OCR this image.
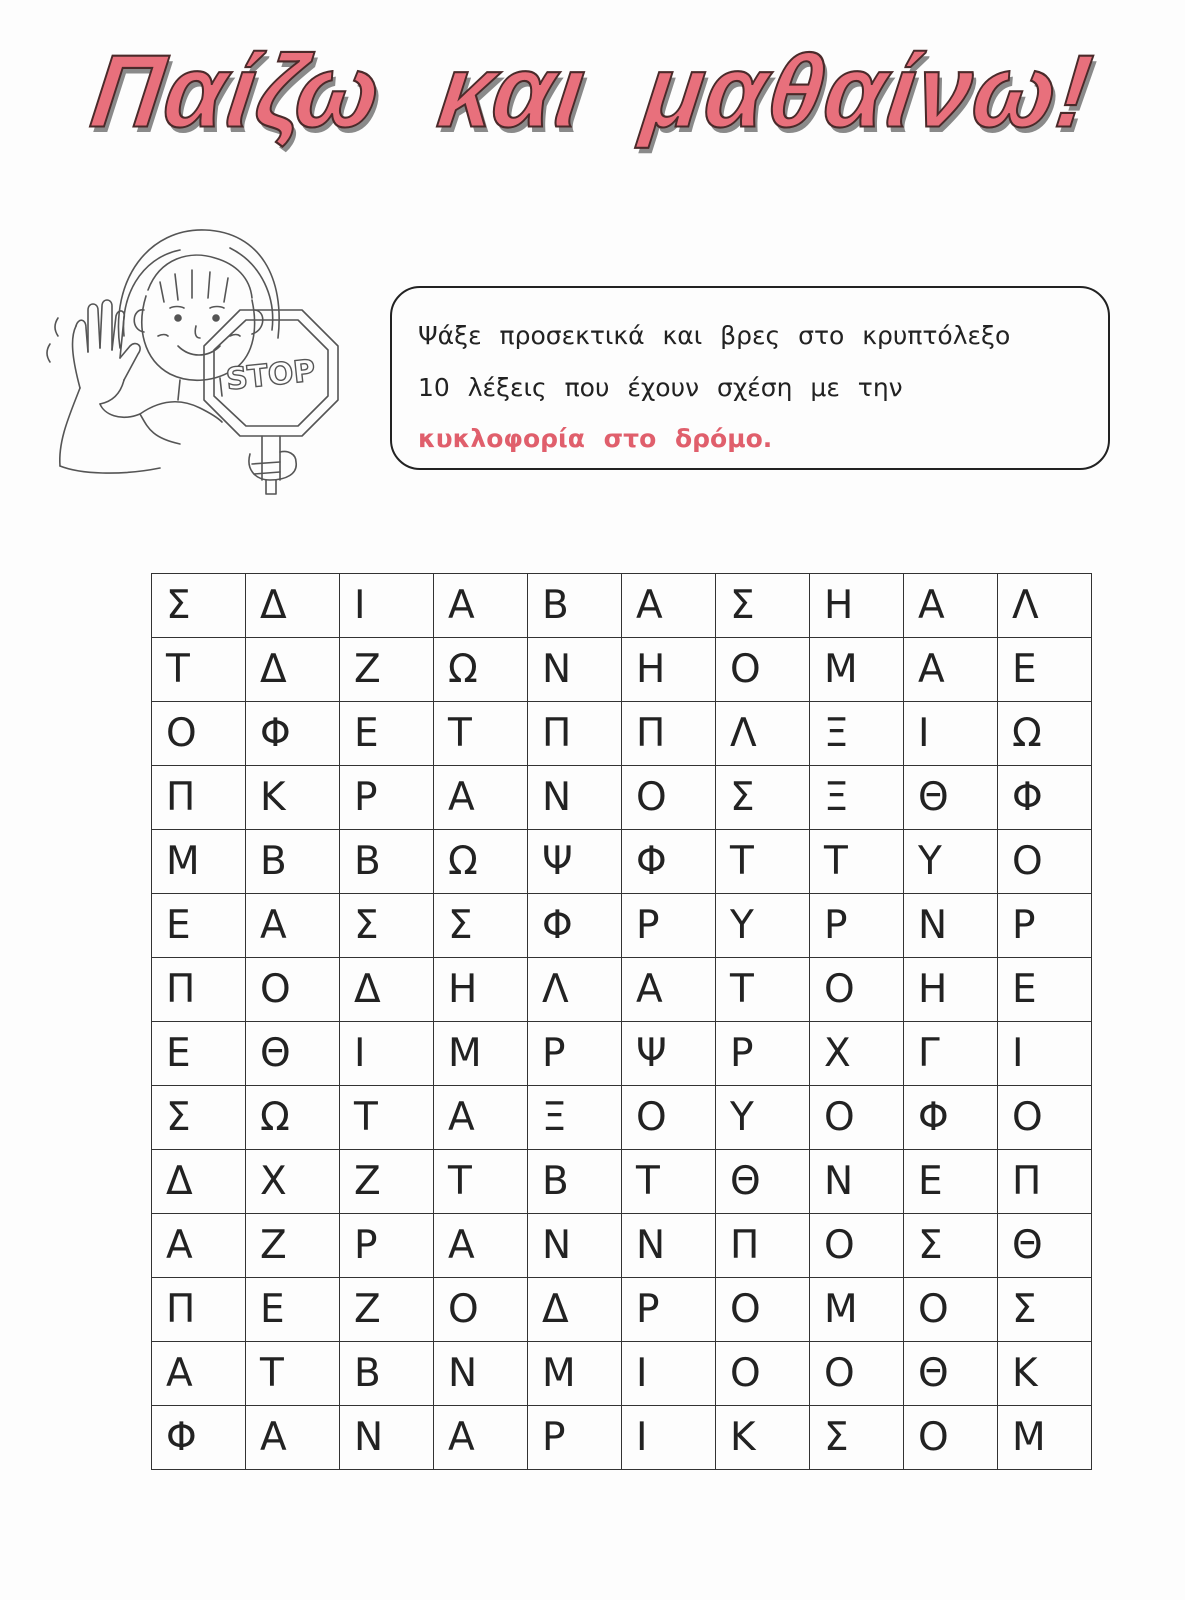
Παίζω και μαθαίνω!
STOP
Ψάξε προσεκτικά και βρες στο κρυπτόλεξο
10 λέξεις που έχουν σχέση με την
κυκλοφορία στο δρόμο.
Σ	Δ	Ι	Α	Β	Α	Σ	Η	Α	Λ
Τ	Δ	Ζ	Ω	Ν	Η	Ο	Μ	Α	Ε
Ο	Φ	Ε	Τ	Π	Π	Λ	Ξ	Ι	Ω
Π	Κ	Ρ	Α	Ν	Ο	Σ	Ξ	Θ	Φ
Μ	Β	Β	Ω	Ψ	Φ	Τ	Τ	Υ	Ο
Ε	Α	Σ	Σ	Φ	Ρ	Υ	Ρ	Ν	Ρ
Π	Ο	Δ	Η	Λ	Α	Τ	Ο	Η	Ε
Ε	Θ	Ι	Μ	Ρ	Ψ	Ρ	Χ	Γ	Ι
Σ	Ω	Τ	Α	Ξ	Ο	Υ	Ο	Φ	Ο
Δ	Χ	Ζ	Τ	Β	Τ	Θ	Ν	Ε	Π
Α	Ζ	Ρ	Α	Ν	Ν	Π	Ο	Σ	Θ
Π	Ε	Ζ	Ο	Δ	Ρ	Ο	Μ	Ο	Σ
Α	Τ	Β	Ν	Μ	Ι	Ο	Ο	Θ	Κ
Φ	Α	Ν	Α	Ρ	Ι	Κ	Σ	Ο	Μ
